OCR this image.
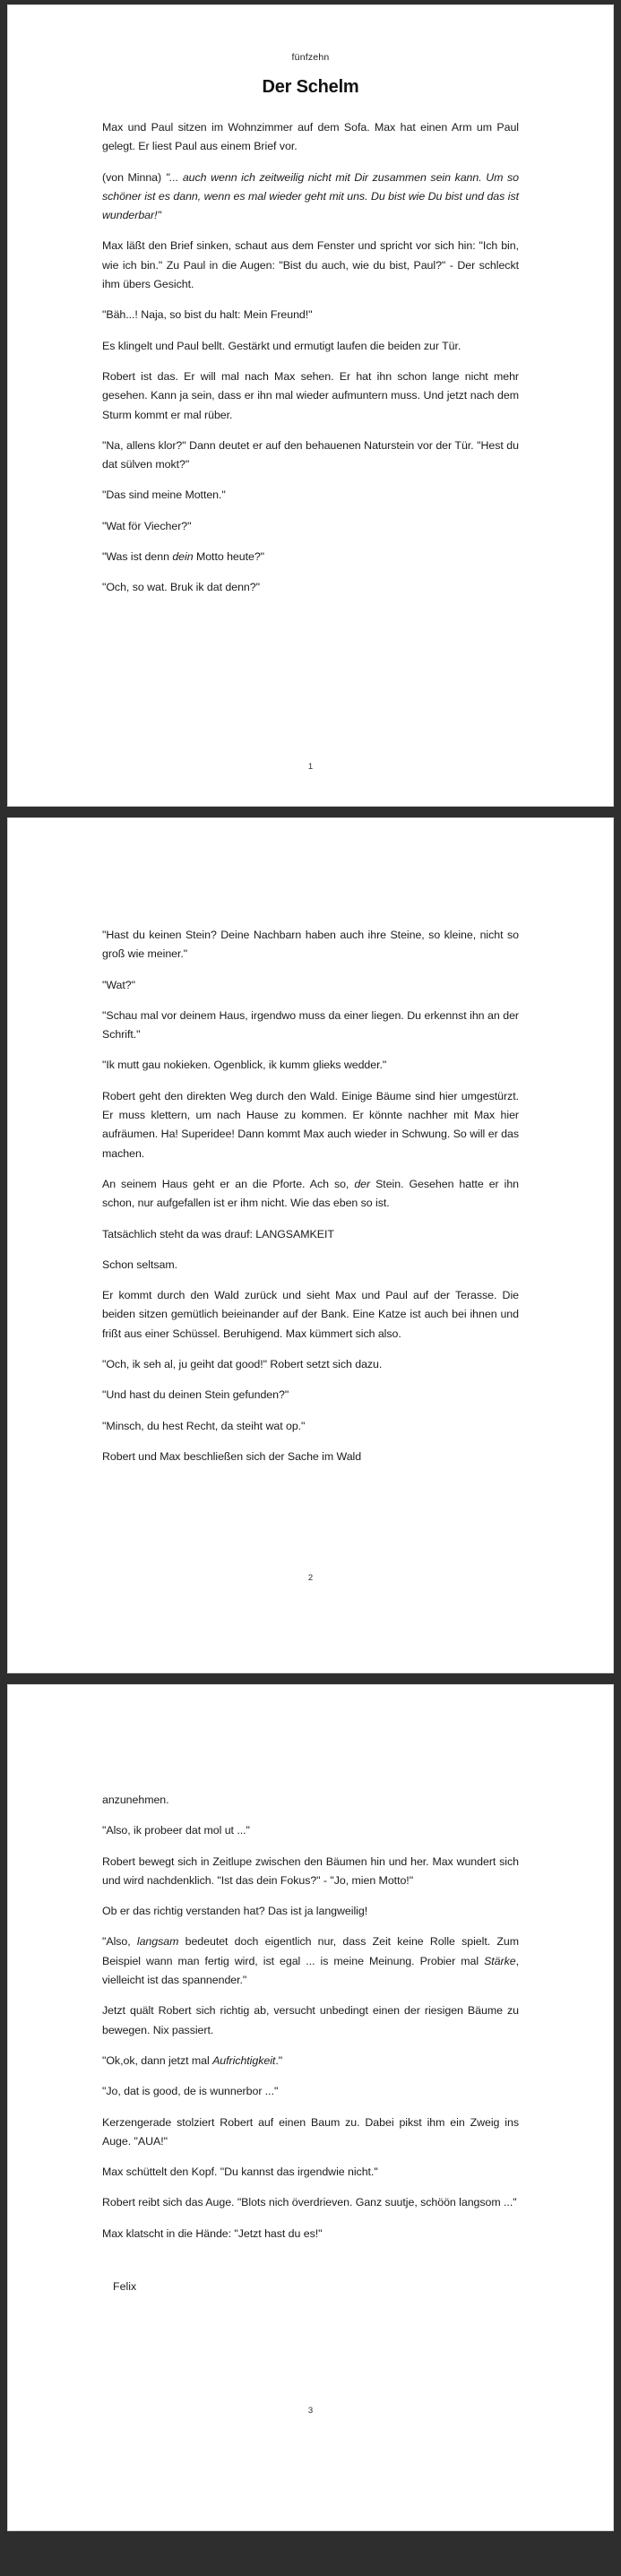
fünfzehn
Der Schelm

Max und Paul sitzen im Wohnzimmer auf dem Sofa. Max hat einen Arm um Paul gelegt. Er liest Paul aus einem Brief vor.

(von Minna) "... auch wenn ich zeitweilig nicht mit Dir zusammen sein kann. Um so schöner ist es dann, wenn es mal wieder geht mit uns. Du bist wie Du bist und das ist wunderbar!"

Max läßt den Brief sinken, schaut aus dem Fenster und spricht vor sich hin: "Ich bin, wie ich bin." Zu Paul in die Augen: "Bist du auch, wie du bist, Paul?" - Der schleckt ihm übers Gesicht.

"Bäh...! Naja, so bist du halt: Mein Freund!"

Es klingelt und Paul bellt. Gestärkt und ermutigt laufen die beiden zur Tür.

Robert ist das. Er will mal nach Max sehen. Er hat ihn schon lange nicht mehr gesehen. Kann ja sein, dass er ihn mal wieder aufmuntern muss. Und jetzt nach dem Sturm kommt er mal rüber.

"Na, allens klor?" Dann deutet er auf den behauenen Naturstein vor der Tür. "Hest du dat sülven mokt?"

"Das sind meine Motten."

"Wat för Viecher?"

"Was ist denn dein Motto heute?"

"Och, so wat. Bruk ik dat denn?"

1

"Hast du keinen Stein? Deine Nachbarn haben auch ihre Steine, so kleine, nicht so groß wie meiner."

"Wat?"

"Schau mal vor deinem Haus, irgendwo muss da einer liegen. Du erkennst ihn an der Schrift."

"Ik mutt gau nokieken. Ogenblick, ik kumm glieks wedder."

Robert geht den direkten Weg durch den Wald. Einige Bäume sind hier umgestürzt. Er muss klettern, um nach Hause zu kommen. Er könnte nachher mit Max hier aufräumen. Ha! Superidee! Dann kommt Max auch wieder in Schwung. So will er das machen.

An seinem Haus geht er an die Pforte. Ach so, der Stein. Gesehen hatte er ihn schon, nur aufgefallen ist er ihm nicht. Wie das eben so ist.

Tatsächlich steht da was drauf: LANGSAMKEIT

Schon seltsam.

Er kommt durch den Wald zurück und sieht Max und Paul auf der Terasse. Die beiden sitzen gemütlich beieinander auf der Bank. Eine Katze ist auch bei ihnen und frißt aus einer Schüssel. Beruhigend. Max kümmert sich also.

"Och, ik seh al, ju geiht dat good!" Robert setzt sich dazu.

"Und hast du deinen Stein gefunden?"

"Minsch, du hest Recht, da steiht wat op."

Robert und Max beschließen sich der Sache im Wald

2

anzunehmen.

"Also, ik probeer dat mol ut ..."

Robert bewegt sich in Zeitlupe zwischen den Bäumen hin und her. Max wundert sich und wird nachdenklich. "Ist das dein Fokus?" - "Jo, mien Motto!"

Ob er das richtig verstanden hat? Das ist ja langweilig!

"Also, langsam bedeutet doch eigentlich nur, dass Zeit keine Rolle spielt. Zum Beispiel wann man fertig wird, ist egal ... is meine Meinung. Probier mal Stärke, vielleicht ist das spannender."

Jetzt quält Robert sich richtig ab, versucht unbedingt einen der riesigen Bäume zu bewegen. Nix passiert.

"Ok,ok, dann jetzt mal Aufrichtigkeit."

"Jo, dat is good, de is wunnerbor ..."

Kerzengerade stolziert Robert auf einen Baum zu. Dabei pikst ihm ein Zweig ins Auge. "AUA!"

Max schüttelt den Kopf. "Du kannst das irgendwie nicht."

Robert reibt sich das Auge. "Blots nich överdrieven. Ganz suutje, schöön langsom ..."

Max klatscht in die Hände: "Jetzt hast du es!"

Felix
3
